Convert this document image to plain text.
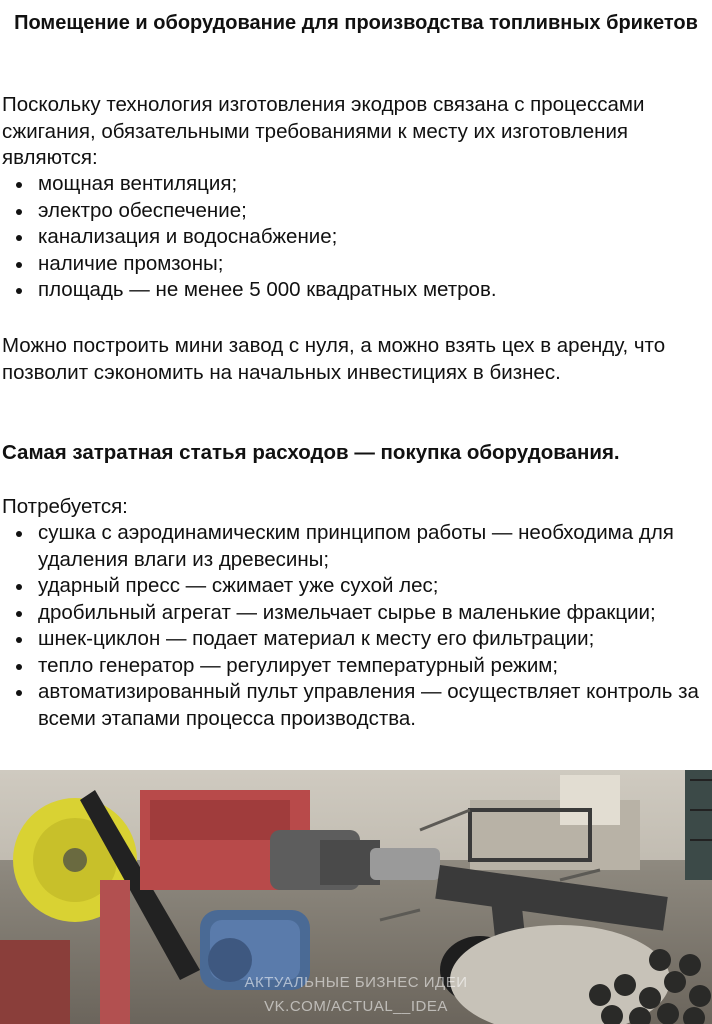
Помещение и оборудование для производства топливных брикетов
Поскольку технология изготовления экодров связана с процессами сжигания, обязательными требованиями к месту их изготовления являются:
мощная вентиляция;
электро обеспечение;
канализация и водоснабжение;
наличие промзоны;
площадь — не менее 5 000 квадратных метров.
Можно построить мини завод с нуля, а можно взять цех в аренду, что позволит сэкономить на начальных инвестициях в бизнес.
Самая затратная статья расходов — покупка оборудования.
Потребуется:
сушка с аэродинамическим принципом работы — необходима для удаления влаги из древесины;
ударный пресс — сжимает уже сухой лес;
дробильный агрегат — измельчает сырье в маленькие фракции;
шнек-циклон — подает материал к месту его фильтрации;
тепло генератор — регулирует температурный режим;
автоматизированный пульт управления — осуществляет контроль за всеми этапами процесса производства.
АКТУАЛЬНЫЕ БИЗНЕС ИДЕИ
VK.COM/ACTUAL__IDEA
